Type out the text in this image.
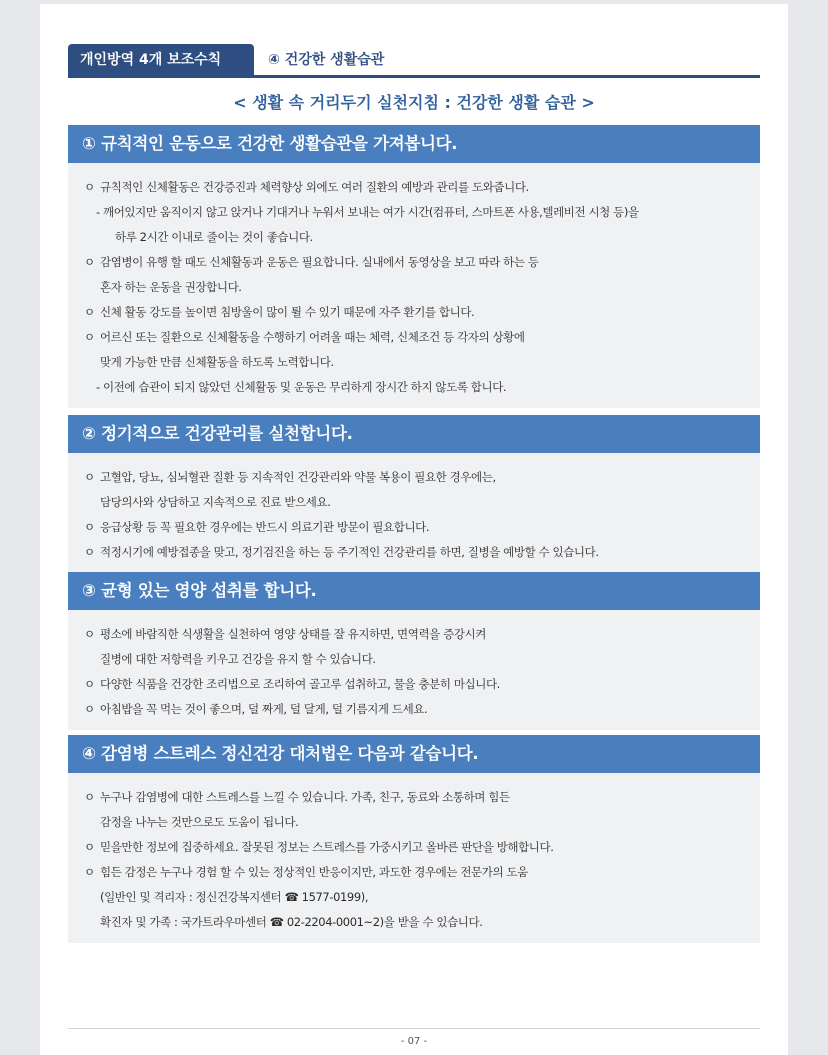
개인방역 4개 보조수칙	④ 건강한 생활습관
< 생활 속 거리두기 실천지침 : 건강한 생활 습관 >
① 규칙적인 운동으로 건강한 생활습관을 가져봅니다.
ㅇ 규칙적인 신체활동은 건강증진과 체력향상 외에도 여러 질환의 예방과 관리를 도와줍니다.
- 깨어있지만 움직이지 않고 앉거나 기대거나 누워서 보내는 여가 시간(컴퓨터, 스마트폰 사용,텔레비전 시청 등)을
하루 2시간 이내로 줄이는 것이 좋습니다.
ㅇ 감염병이 유행 할 때도 신체활동과 운동은 필요합니다. 실내에서 동영상을 보고 따라 하는 등
혼자 하는 운동을 권장합니다.
ㅇ 신체 활동 강도를 높이면 침방울이 많이 튈 수 있기 때문에 자주 환기를 합니다.
ㅇ 어르신 또는 질환으로 신체활동을 수행하기 어려울 때는 체력, 신체조건 등 각자의 상황에
맞게 가능한 만큼 신체활동을 하도록 노력합니다.
- 이전에 습관이 되지 않았던 신체활동 및 운동은 무리하게 장시간 하지 않도록 합니다.
② 정기적으로 건강관리를 실천합니다.
ㅇ 고혈압, 당뇨, 심뇌혈관 질환 등 지속적인 건강관리와 약물 복용이 필요한 경우에는,
담당의사와 상담하고 지속적으로 진료 받으세요.
ㅇ 응급상황 등 꼭 필요한 경우에는 반드시 의료기관 방문이 필요합니다.
ㅇ 적정시기에 예방접종을 맞고, 정기검진을 하는 등 주기적인 건강관리를 하면, 질병을 예방할 수 있습니다.
③ 균형 있는 영양 섭취를 합니다.
ㅇ 평소에 바람직한 식생활을 실천하여 영양 상태를 잘 유지하면, 면역력을 증강시켜
질병에 대한 저항력을 키우고 건강을 유지 할 수 있습니다.
ㅇ 다양한 식품을 건강한 조리법으로 조리하여 골고루 섭취하고, 물을 충분히 마십니다.
ㅇ 아침밥을 꼭 먹는 것이 좋으며, 덜 짜게, 덜 달게, 덜 기름지게 드세요.
④ 감염병 스트레스 정신건강 대처법은 다음과 같습니다.
ㅇ 누구나 감염병에 대한 스트레스를 느낄 수 있습니다. 가족, 친구, 동료와 소통하며 힘든
감정을 나누는 것만으로도 도움이 됩니다.
ㅇ 믿을만한 정보에 집중하세요. 잘못된 정보는 스트레스를 가중시키고 올바른 판단을 방해합니다.
ㅇ 힘든 감정은 누구나 경험 할 수 있는 정상적인 반응이지만, 과도한 경우에는 전문가의 도움
(일반인 및 격리자 : 정신건강복지센터 ☎ 1577-0199),
확진자 및 가족 : 국가트라우마센터 ☎ 02-2204-0001~2)을 받을 수 있습니다.
- 07 -
